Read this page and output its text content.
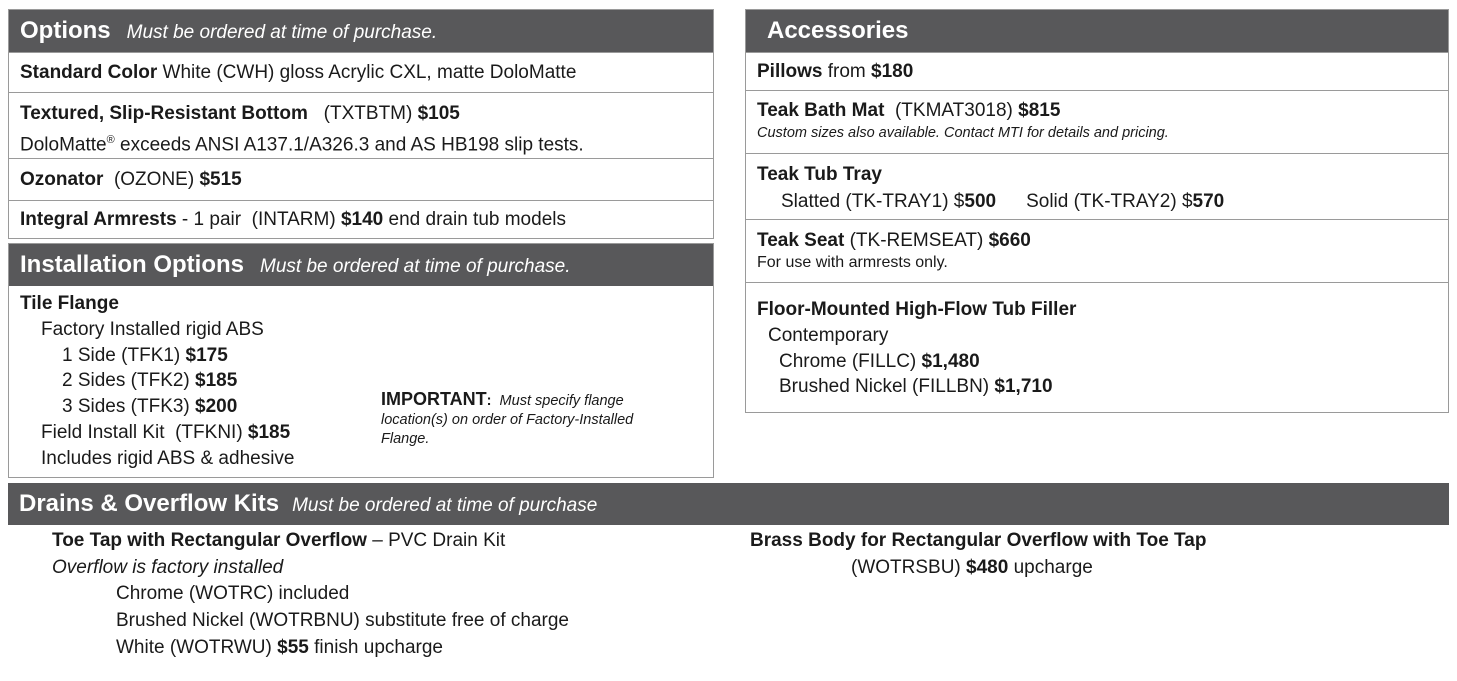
Options Must be ordered at time of purchase.
Standard Color White (CWH) gloss Acrylic CXL, matte DoloMatte
Textured, Slip-Resistant Bottom   (TXTBTM) $105
DoloMatte® exceeds ANSI A137.1/A326.3 and AS HB198 slip tests.
Ozonator  (OZONE) $515
Integral Armrests - 1 pair  (INTARM) $140 end drain tub models
Installation Options Must be ordered at time of purchase.
Tile Flange
Factory Installed rigid ABS
1 Side (TFK1) $175
2 Sides (TFK2) $185
3 Sides (TFK3) $200
Field Install Kit  (TFKNI) $185
Includes rigid ABS & adhesive
IMPORTANT:  Must specify flange location(s) on order of Factory-Installed Flange.
Accessories
Pillows from $180
Teak Bath Mat  (TKMAT3018) $815
Custom sizes also available. Contact MTI for details and pricing.
Teak Tub Tray
Slatted (TK-TRAY1) $500 Solid (TK-TRAY2) $570
Teak Seat (TK-REMSEAT) $660
For use with armrests only.
Floor-Mounted High-Flow Tub Filler
Contemporary
Chrome (FILLC) $1,480
Brushed Nickel (FILLBN) $1,710
Drains & Overflow Kits Must be ordered at time of purchase
Toe Tap with Rectangular Overflow – PVC Drain Kit
Overflow is factory installed
Chrome (WOTRC) included
Brushed Nickel (WOTRBNU) substitute free of charge
White (WOTRWU) $55 finish upcharge
Brass Body for Rectangular Overflow with Toe Tap
(WOTRSBU) $480 upcharge
